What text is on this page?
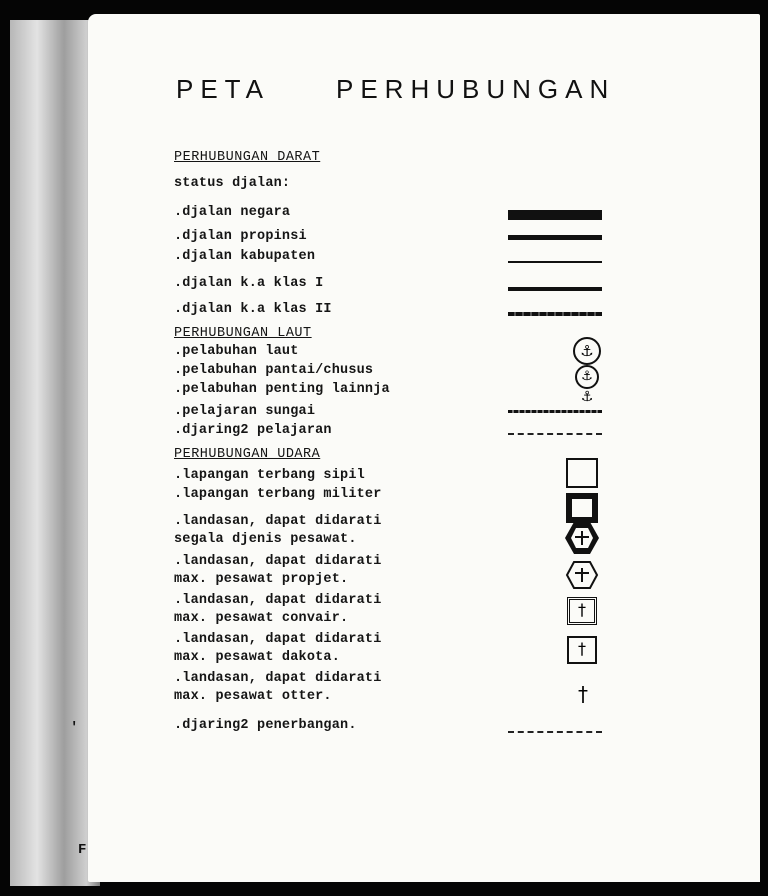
'
F
PETA	PERHUBUNGAN
PERHUBUNGAN DARAT
status djalan:
.djalan negara
.djalan propinsi
.djalan kabupaten
.djalan k.a klas I
.djalan k.a klas II
PERHUBUNGAN LAUT
.pelabuhan laut
.pelabuhan pantai/chusus
.pelabuhan penting lainnja
.pelajaran sungai
.djaring2 pelajaran
⚓
⚓
⚓
PERHUBUNGAN UDARA
.lapangan terbang sipil
.lapangan terbang militer
.landasan, dapat didarati
segala djenis pesawat.
.landasan, dapat didarati
max. pesawat propjet.
.landasan, dapat didarati
max. pesawat convair.
.landasan, dapat didarati
max. pesawat dakota.
.landasan, dapat didarati
max. pesawat otter.
.djaring2 penerbangan.
†
†
†
